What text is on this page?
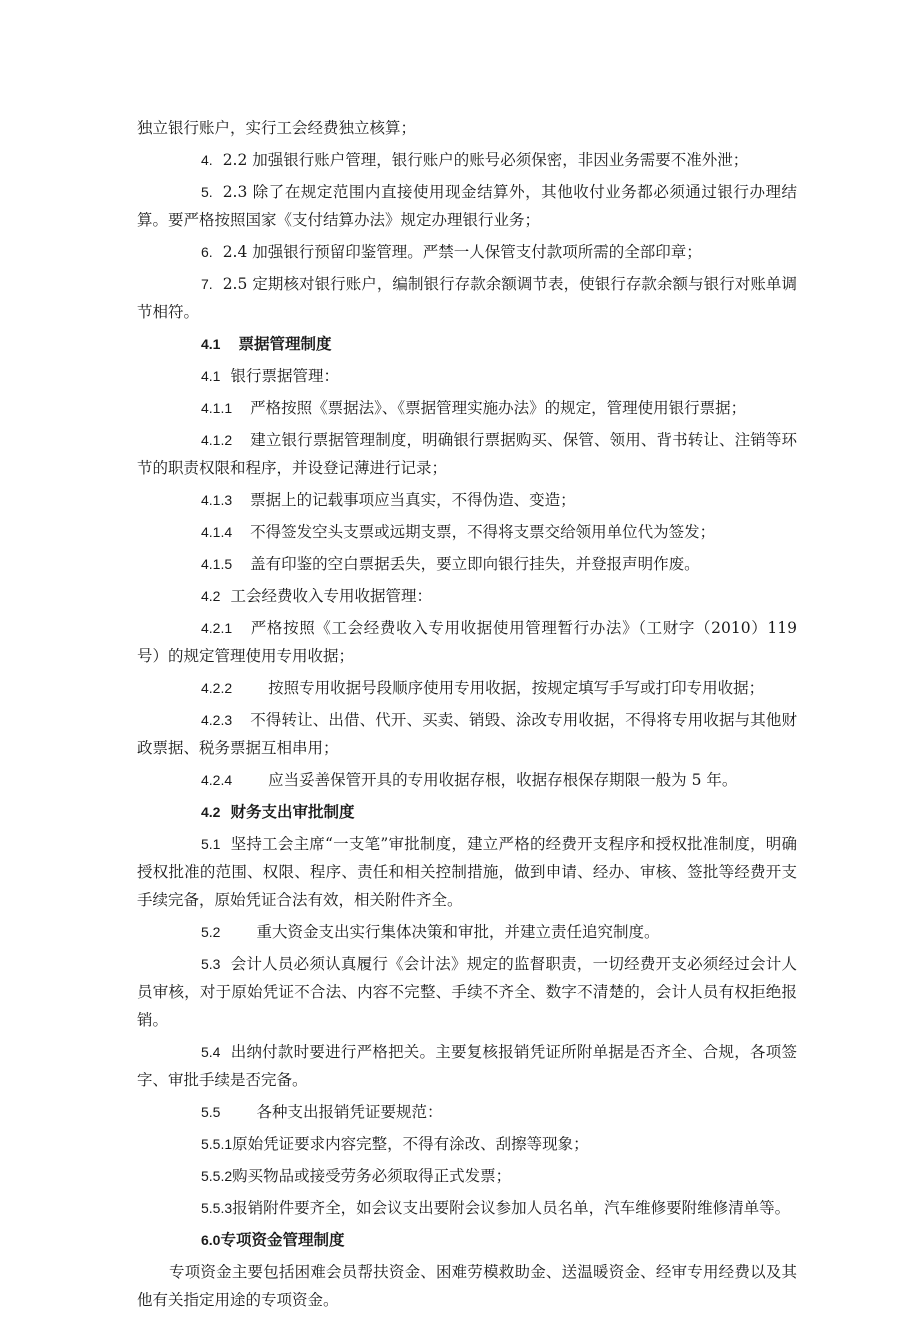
独立银行账户，实行工会经费独立核算；

4. 2.2 加强银行账户管理，银行账户的账号必须保密，非因业务需要不准外泄；

5. 2.3 除了在规定范围内直接使用现金结算外，其他收付业务都必须通过银行办理结算。要严格按照国家《支付结算办法》规定办理银行业务；

6. 2.4 加强银行预留印鉴管理。严禁一人保管支付款项所需的全部印章；

7. 2.5 定期核对银行账户，编制银行存款余额调节表，使银行存款余额与银行对账单调节相符。

4.1 票据管理制度

4.1 银行票据管理：

4.1.1 严格按照《票据法》、《票据管理实施办法》的规定，管理使用银行票据；

4.1.2 建立银行票据管理制度，明确银行票据购买、保管、领用、背书转让、注销等环节的职责权限和程序，并设登记薄进行记录；

4.1.3 票据上的记载事项应当真实，不得伪造、变造；

4.1.4 不得签发空头支票或远期支票，不得将支票交给领用单位代为签发；

4.1.5 盖有印鉴的空白票据丢失，要立即向银行挂失，并登报声明作废。

4.2 工会经费收入专用收据管理：

4.2.1 严格按照《工会经费收入专用收据使用管理暂行办法》（工财字（2010）119 号）的规定管理使用专用收据；

4.2.2 按照专用收据号段顺序使用专用收据，按规定填写手写或打印专用收据；

4.2.3 不得转让、出借、代开、买卖、销毁、涂改专用收据，不得将专用收据与其他财政票据、税务票据互相串用；

4.2.4 应当妥善保管开具的专用收据存根，收据存根保存期限一般为 5 年。

4.2 财务支出审批制度

5.1 坚持工会主席“一支笔”审批制度，建立严格的经费开支程序和授权批准制度，明确授权批准的范围、权限、程序、责任和相关控制措施，做到申请、经办、审核、签批等经费开支手续完备，原始凭证合法有效，相关附件齐全。

5.2 重大资金支出实行集体决策和审批，并建立责任追究制度。

5.3 会计人员必须认真履行《会计法》规定的监督职责，一切经费开支必须经过会计人员审核，对于原始凭证不合法、内容不完整、手续不齐全、数字不清楚的，会计人员有权拒绝报销。

5.4 出纳付款时要进行严格把关。主要复核报销凭证所附单据是否齐全、合规，各项签字、审批手续是否完备。

5.5 各种支出报销凭证要规范：

5.5.1原始凭证要求内容完整，不得有涂改、刮擦等现象；

5.5.2购买物品或接受劳务必须取得正式发票；

5.5.3报销附件要齐全，如会议支出要附会议参加人员名单，汽车维修要附维修清单等。

6.0专项资金管理制度

专项资金主要包括困难会员帮扶资金、困难劳模救助金、送温暖资金、经审专用经费以及其他有关指定用途的专项资金。
